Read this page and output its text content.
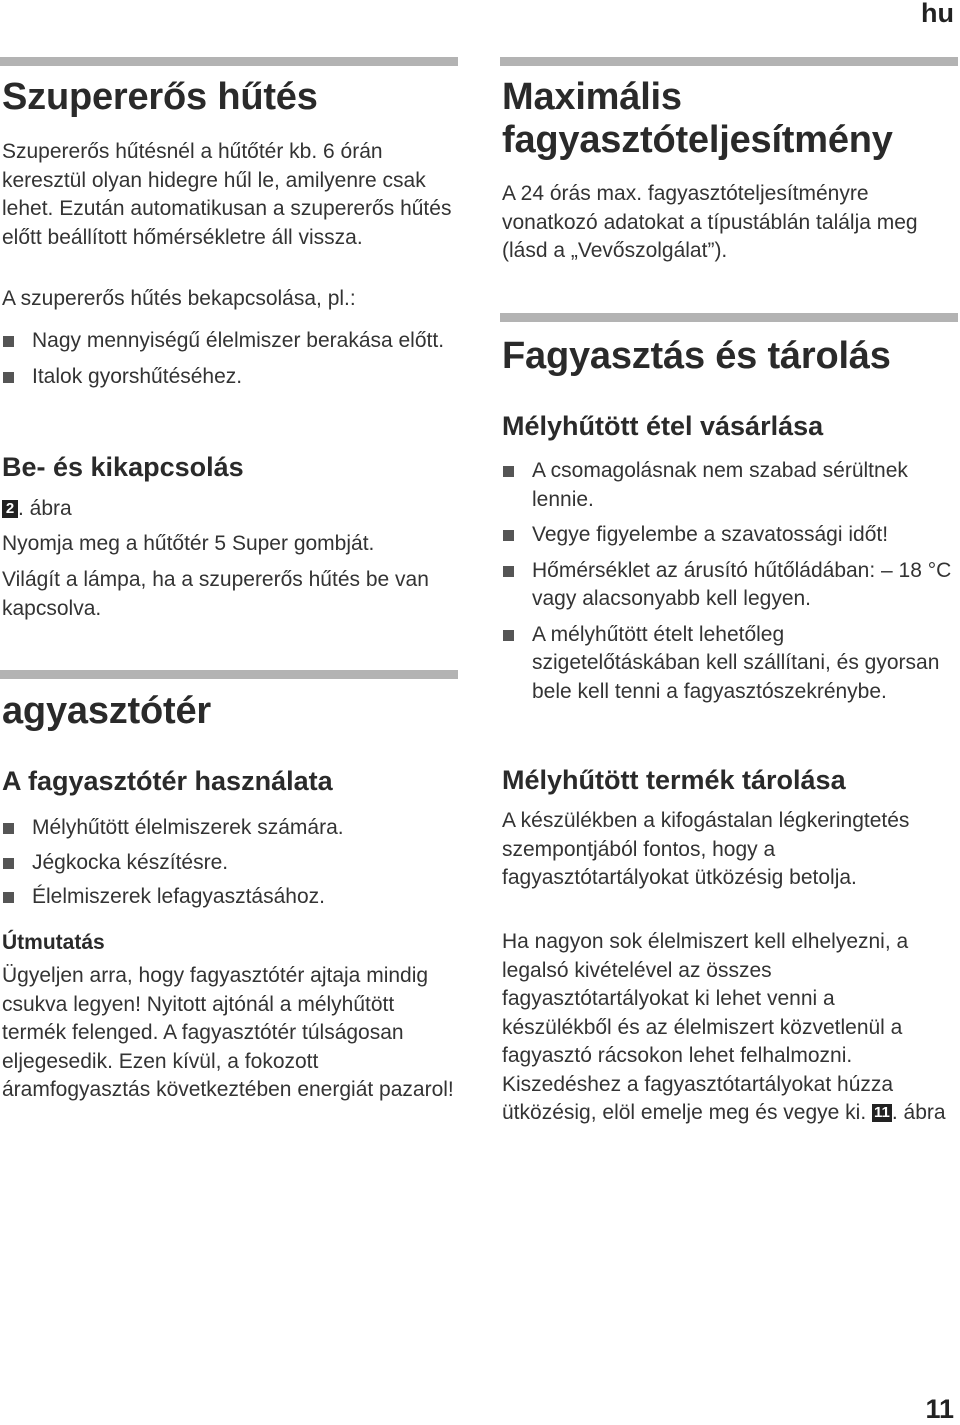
hu
Szupererős hűtés

Szupererős hűtésnél a hűtőtér kb. 6 órán keresztül olyan hidegre hűl le, amilyenre csak lehet. Ezután automatikusan a szupererős hűtés előtt beállított hőmérsékletre áll vissza.

A szupererős hűtés bekapcsolása, pl.:

Nagy mennyiségű élelmiszer berakása előtt.
Italok gyorshűtéséhez.
Be- és kikapcsolás

2 . ábra

Nyomja meg a hűtőtér 5 Super gombját.

Világít a lámpa, ha a szupererős hűtés be van kapcsolva.

agyasztótér
A fagyasztótér használata
Mélyhűtött élelmiszerek számára.
Jégkocka készítésre.
Élelmiszerek lefagyasztásához.
Útmutatás

Ügyeljen arra, hogy fagyasztótér ajtaja mindig csukva legyen! Nyitott ajtónál a mélyhűtött termék felenged. A fagyasztótér túlságosan eljegesedik. Ezen kívül, a fokozott áramfogyasztás következtében energiát pazarol!

Maximális fagyasztóteljesítmény

A 24 órás max. fagyasztóteljesítményre vonatkozó adatokat a típustáblán találja meg (lásd a „Vevőszolgálat”).

Fagyasztás és tárolás
Mélyhűtött étel vásárlása
A csomagolásnak nem szabad sérültnek lennie.
Vegye figyelembe a szavatossági időt!
Hőmérséklet az árusító hűtőládában: – 18 °C vagy alacsonyabb kell legyen.
A mélyhűtött ételt lehetőleg szigetelőtáskában kell szállítani, és gyorsan bele kell tenni a fagyasztószekrénybe.
Mélyhűtött termék tárolása

A készülékben a kifogástalan légkeringtetés szempontjából fontos, hogy a fagyasztótartályokat ütközésig betolja.

Ha nagyon sok élelmiszert kell elhelyezni, a legalsó kivételével az összes fagyasztótartályokat ki lehet venni a készülékből és az élelmiszert közvetlenül a fagyasztó rácsokon lehet felhalmozni. Kiszedéshez a fagyasztótartályokat húzza ütközésig, elöl emelje meg és vegye ki. 11. ábra

11
